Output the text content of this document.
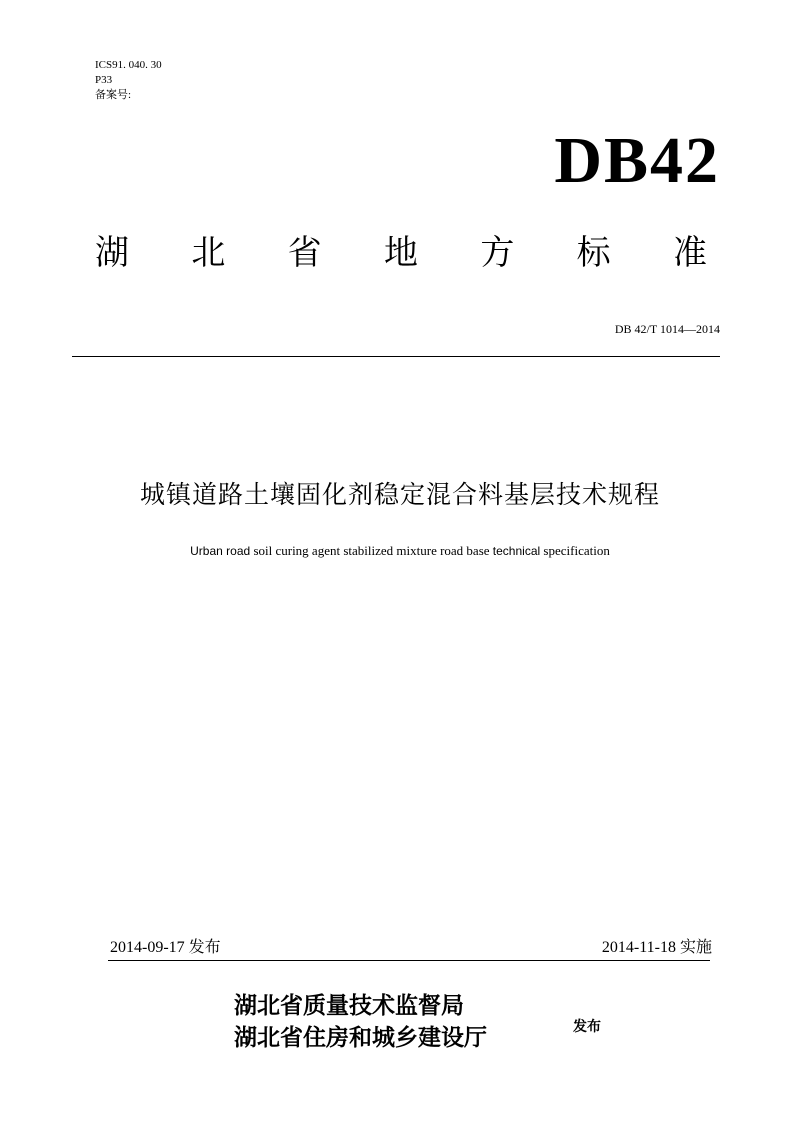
ICS91. 040. 30
P33
备案号:
DB42
湖 北 省 地 方 标 准
DB 42/T 1014—2014
城镇道路土壤固化剂稳定混合料基层技术规程
Urban road soil curing agent stabilized mixture road base technical specification
2014-09-17 发布	2014-11-18 实施
湖北省质量技术监督局
湖北省住房和城乡建设厅	发布
